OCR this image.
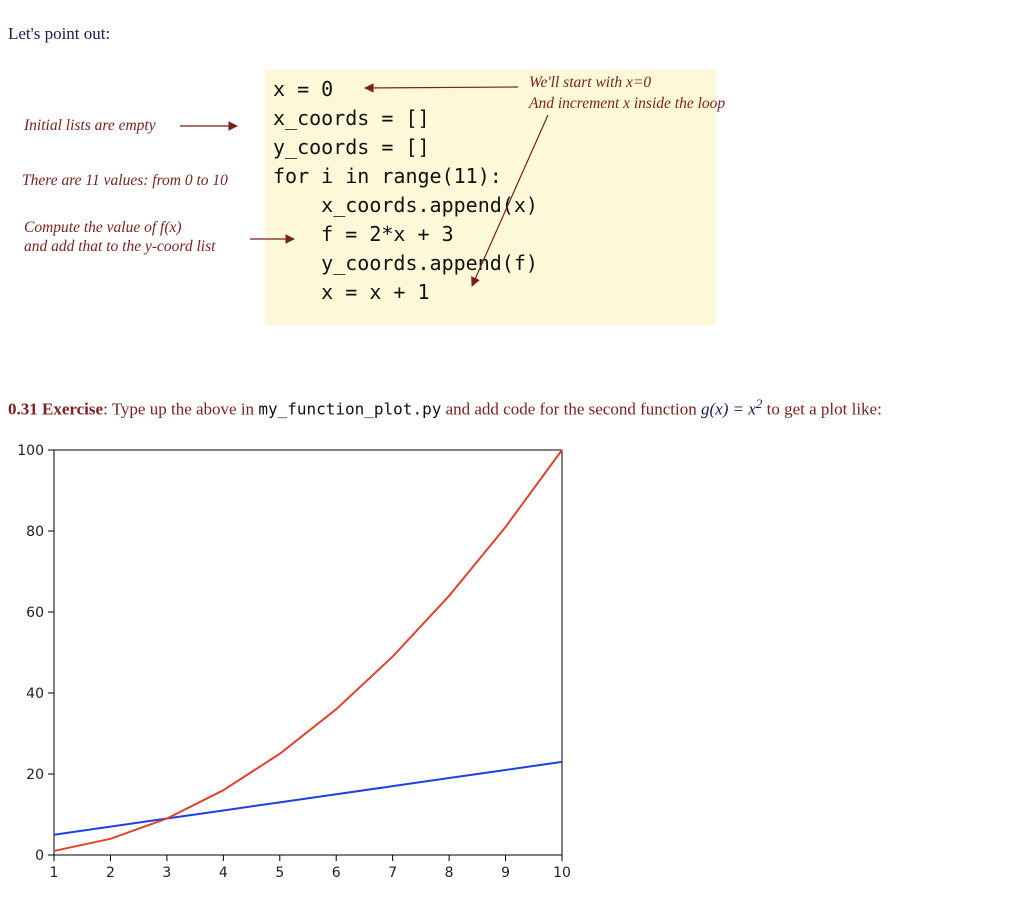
Let's point out:
x = 0
x_coords = []
y_coords = []
for i in range(11):
x_coords.append(x)
f = 2*x + 3
y_coords.append(f)
x = x + 1
We'll start with x=0
And increment x inside the loop
Initial lists are empty
There are 11 values: from 0 to 10
Compute the value of f(x)
and add that to the y-coord list
0.31 Exercise: Type up the above in my_function_plot.py and add code for the second function $g(x) = x^2$ to get a plot like:
0
20
40
60
80
100
1	2	3	4	5	6	7	8	9	10
